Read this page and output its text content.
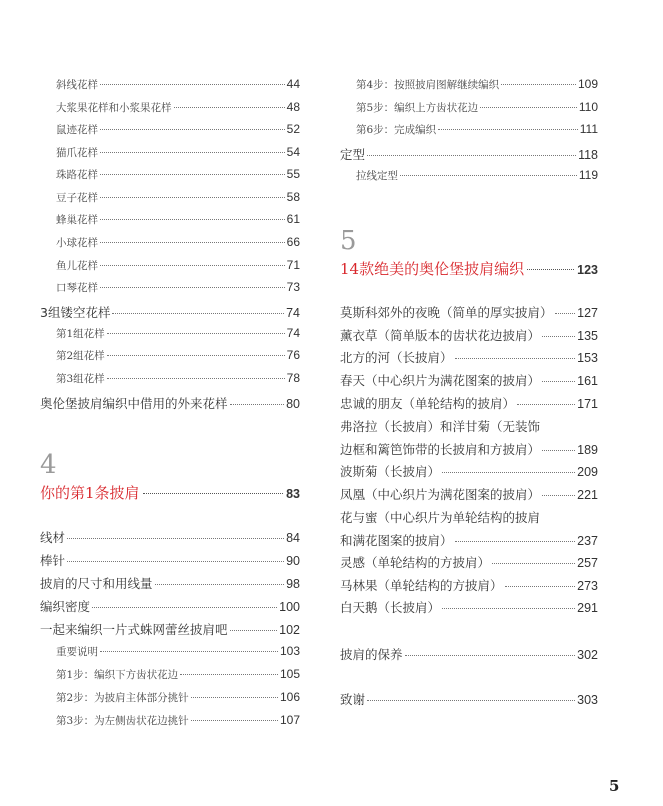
斜线花样	44
大浆果花样和小浆果花样	48
鼠迹花样	52
猫爪花样	54
珠路花样	55
豆子花样	58
蜂巢花样	61
小球花样	66
鱼儿花样	71
口琴花样	73
3组镂空花样	74
第1组花样	74
第2组花样	76
第3组花样	78
奥伦堡披肩编织中借用的外来花样	80
4
你的第1条披肩	83
线材	84
棒针	90
披肩的尺寸和用线量	98
编织密度	100
一起来编织一片式蛛网蕾丝披肩吧	102
重要说明	103
第1步：编织下方齿状花边	105
第2步：为披肩主体部分挑针	106
第3步：为左侧齿状花边挑针	107
第4步：按照披肩图解继续编织	109
第5步：编织上方齿状花边	110
第6步：完成编织	111
定型	118
拉线定型	119
5
14款绝美的奥伦堡披肩编织	123
莫斯科郊外的夜晚（简单的厚实披肩） 127
薰衣草（简单版本的齿状花边披肩）	135
北方的河（长披肩）	153
春天（中心织片为满花图案的披肩）	161
忠诚的朋友（单轮结构的披肩）	171
弗洛拉（长披肩）和洋甘菊（无装饰
边框和篱笆饰带的长披肩和方披肩）	189
波斯菊（长披肩）	209
凤凰（中心织片为满花图案的披肩）	221
花与蜜（中心织片为单轮结构的披肩
和满花图案的披肩）	237
灵感（单轮结构的方披肩）	257
马林果（单轮结构的方披肩）	273
白天鹅（长披肩）	291
披肩的保养	302
致谢	303
5
